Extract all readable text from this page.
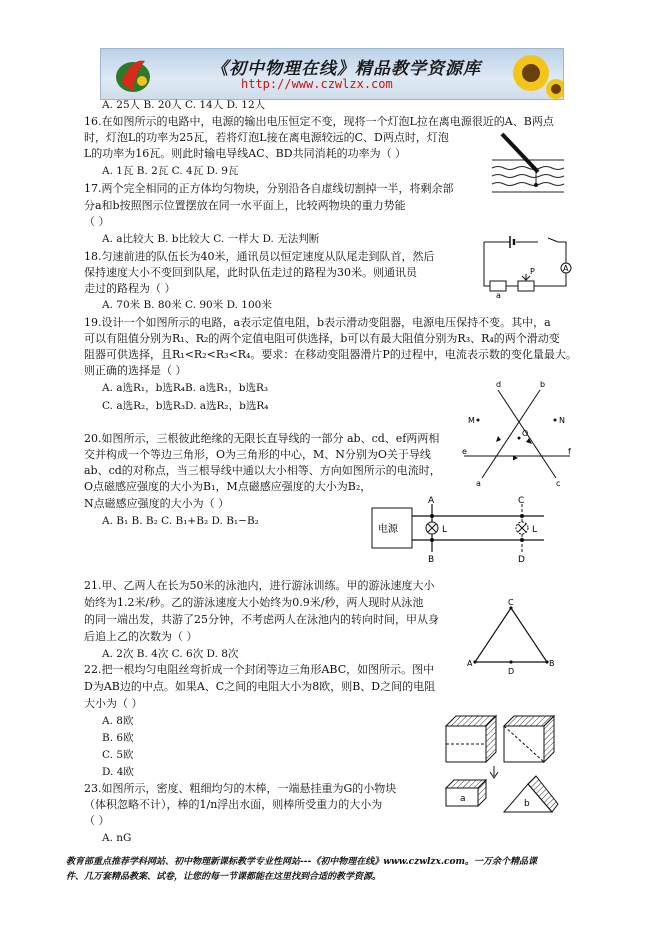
《初中物理在线》精品教学资源库
http://www.czwlzx.com
A. 25人 B. 20人 C. 14人 D. 12人
16.在如图所示的电路中，电源的输出电压恒定不变，现将一个灯泡L拉在离电源很近的A、B两点
时，灯泡L的功率为25瓦，若将灯泡L接在离电源较远的C、D两点时，灯泡
L的功率为16瓦。则此时输电导线AC、BD共同消耗的功率为（ ）
A. 1瓦 B. 2瓦 C. 4瓦 D. 9瓦
17.两个完全相同的正方体均匀物块，分别沿各自虚线切割掉一半，将剩余部
分a和b按照图示位置摆放在同一水平面上，比较两物块的重力势能
（ ）
A. a比较大 B. b比较大 C. 一样大 D. 无法判断
A
a
P
18.匀速前进的队伍长为40米，通讯员以恒定速度从队尾走到队首，然后
保持速度大小不变回到队尾，此时队伍走过的路程为30米。则通讯员
走过的路程为（ ）
A. 70米 B. 80米 C. 90米 D. 100米
19.设计一个如图所示的电路，a表示定值电阻，b表示滑动变阻器，电源电压保持不变。其中，a
可以有阻值分别为R₁、R₂的两个定值电阻可供选择，b可以有最大阻值分别为R₃、R₄的两个滑动变
阻器可供选择，且R₁<R₂<R₃<R₄。要求：在移动变阻器滑片P的过程中，电流表示数的变化量最大。
则正确的选择是（ ）
A. a选R₁，b选R₄B. a选R₁，b选R₃
C. a选R₂，b选R₃D. a选R₂，b选R₄
d	b
M	N
O
e	f
a	c
20.如图所示，三根彼此绝缘的无限长直导线的一部分 ab、cd、ef两两相
交并构成一个等边三角形，O为三角形的中心，M、N分别为O关于导线
ab、cd的对称点，当三根导线中通以大小相等、方向如图所示的电流时，
O点磁感应强度的大小为B₁，M点磁感应强度的大小为B₂，
N点磁感应强度的大小为（ ）
A. B₁ B. B₂ C. B₁+B₂ D. B₁−B₂
电源
A
B
C
D
L	L
21.甲、乙两人在长为50米的泳池内，进行游泳训练。甲的游泳速度大小
始终为1.2米/秒。乙的游泳速度大小始终为0.9米/秒，两人现时从泳池
的同一端出发，共游了25分钟，不考虑两人在泳池内的转向时间，甲从身
后追上乙的次数为（ ）
A. 2次 B. 4次 C. 6次 D. 8次
C
A	B
D
22.把一根均匀电阻丝弯折成一个封闭等边三角形ABC，如图所示。图中
D为AB边的中点。如果A、C之间的电阻大小为8欧，则B、D之间的电阻
大小为（ ）
A. 8欧
B. 6欧
C. 5欧
D. 4欧
a	b
23.如图所示，密度、粗细均匀的木棒，一端悬挂重为G的小物块
（体积忽略不计），棒的1/n浮出水面，则棒所受重力的大小为
（ ）
A. nG
教育部重点推荐学科网站、初中物理新课标教学专业性网站---《初中物理在线》www.czwlzx.com。一万余个精品课
件、几万套精品教案、试卷，让您的每一节课都能在这里找到合适的教学资源。
